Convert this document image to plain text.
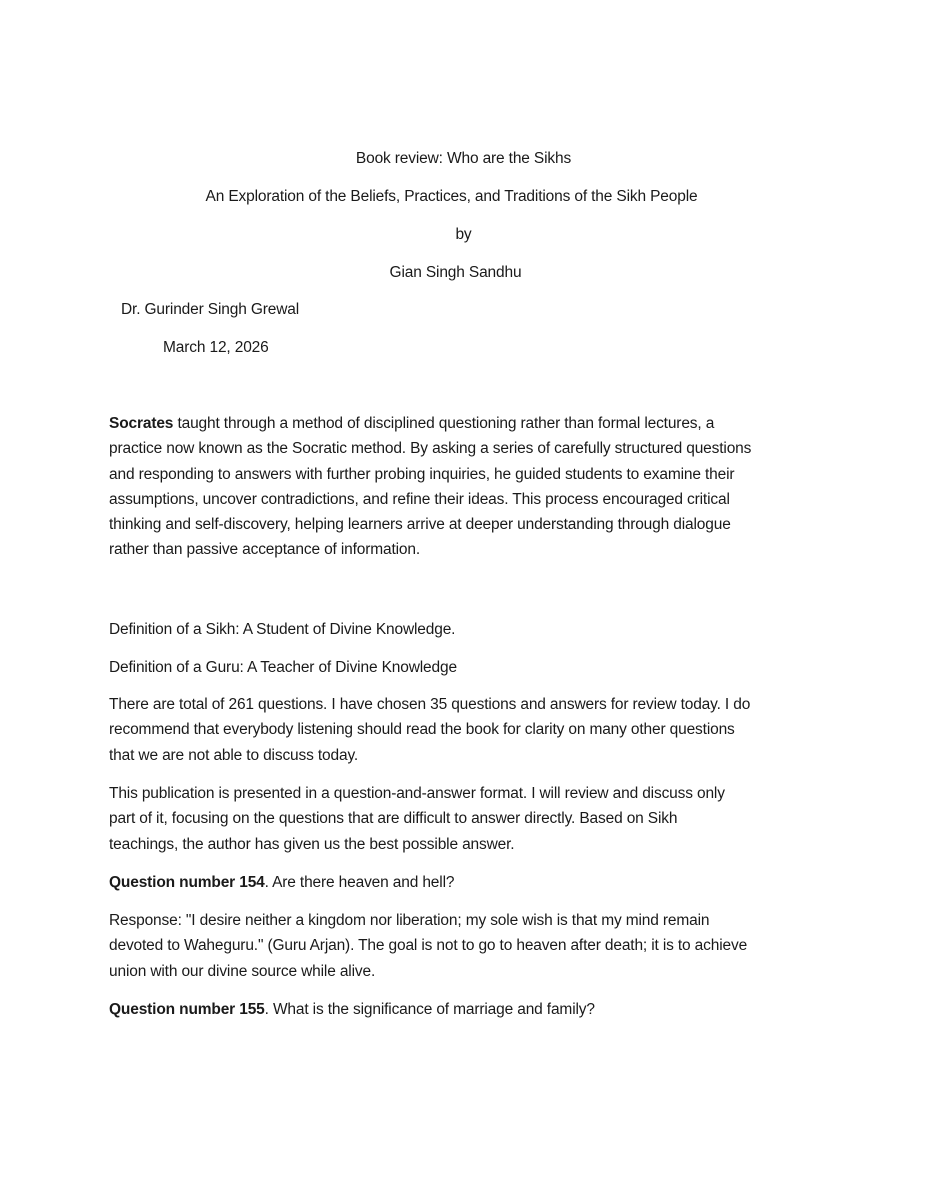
Book review: Who are the Sikhs
An Exploration of the Beliefs, Practices, and Traditions of the Sikh People
by
Gian Singh Sandhu
Dr. Gurinder Singh Grewal
March 12, 2026
Socrates taught through a method of disciplined questioning rather than formal lectures, a
practice now known as the Socratic method. By asking a series of carefully structured questions
and responding to answers with further probing inquiries, he guided students to examine their
assumptions, uncover contradictions, and refine their ideas. This process encouraged critical
thinking and self-discovery, helping learners arrive at deeper understanding through dialogue
rather than passive acceptance of information.
Definition of a Sikh: A Student of Divine Knowledge.
Definition of a Guru: A Teacher of Divine Knowledge
There are total of 261 questions. I have chosen 35 questions and answers for review today. I do
recommend that everybody listening should read the book for clarity on many other questions
that we are not able to discuss today.
This publication is presented in a question-and-answer format. I will review and discuss only
part of it, focusing on the questions that are difficult to answer directly. Based on Sikh
teachings, the author has given us the best possible answer.
Question number 154. Are there heaven and hell?
Response: "I desire neither a kingdom nor liberation; my sole wish is that my mind remain
devoted to Waheguru." (Guru Arjan). The goal is not to go to heaven after death; it is to achieve
union with our divine source while alive.
Question number 155. What is the significance of marriage and family?
